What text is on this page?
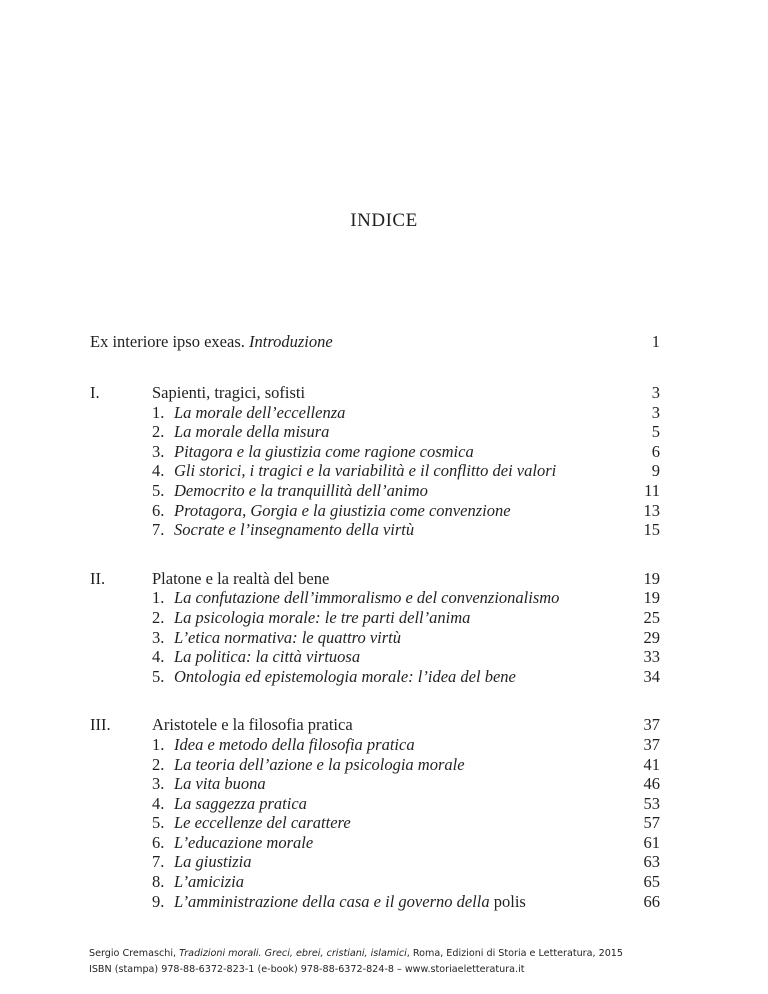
INDICE
Ex interiore ipso exeas. Introduzione	1
I.	Sapienti, tragici, sofisti	3
1. La morale dell’eccellenza	3
2. La morale della misura	5
3. Pitagora e la giustizia come ragione cosmica	6
4. Gli storici, i tragici e la variabilità e il conflitto dei valori	9
5. Democrito e la tranquillità dell’animo	11
6. Protagora, Gorgia e la giustizia come convenzione	13
7. Socrate e l’insegnamento della virtù	15
II.	Platone e la realtà del bene	19
1. La confutazione dell’immoralismo e del convenzionalismo	19
2. La psicologia morale: le tre parti dell’anima	25
3. L’etica normativa: le quattro virtù	29
4. La politica: la città virtuosa	33
5. Ontologia ed epistemologia morale: l’idea del bene	34
III.	Aristotele e la filosofia pratica	37
1. Idea e metodo della filosofia pratica	37
2. La teoria dell’azione e la psicologia morale	41
3. La vita buona	46
4. La saggezza pratica	53
5. Le eccellenze del carattere	57
6. L’educazione morale	61
7. La giustizia	63
8. L’amicizia	65
9. L’amministrazione della casa e il governo della polis	66
Sergio Cremaschi, Tradizioni morali. Greci, ebrei, cristiani, islamici, Roma, Edizioni di Storia e Letteratura, 2015
ISBN (stampa) 978-88-6372-823-1 (e-book) 978-88-6372-824-8 – www.storiaeletteratura.it
